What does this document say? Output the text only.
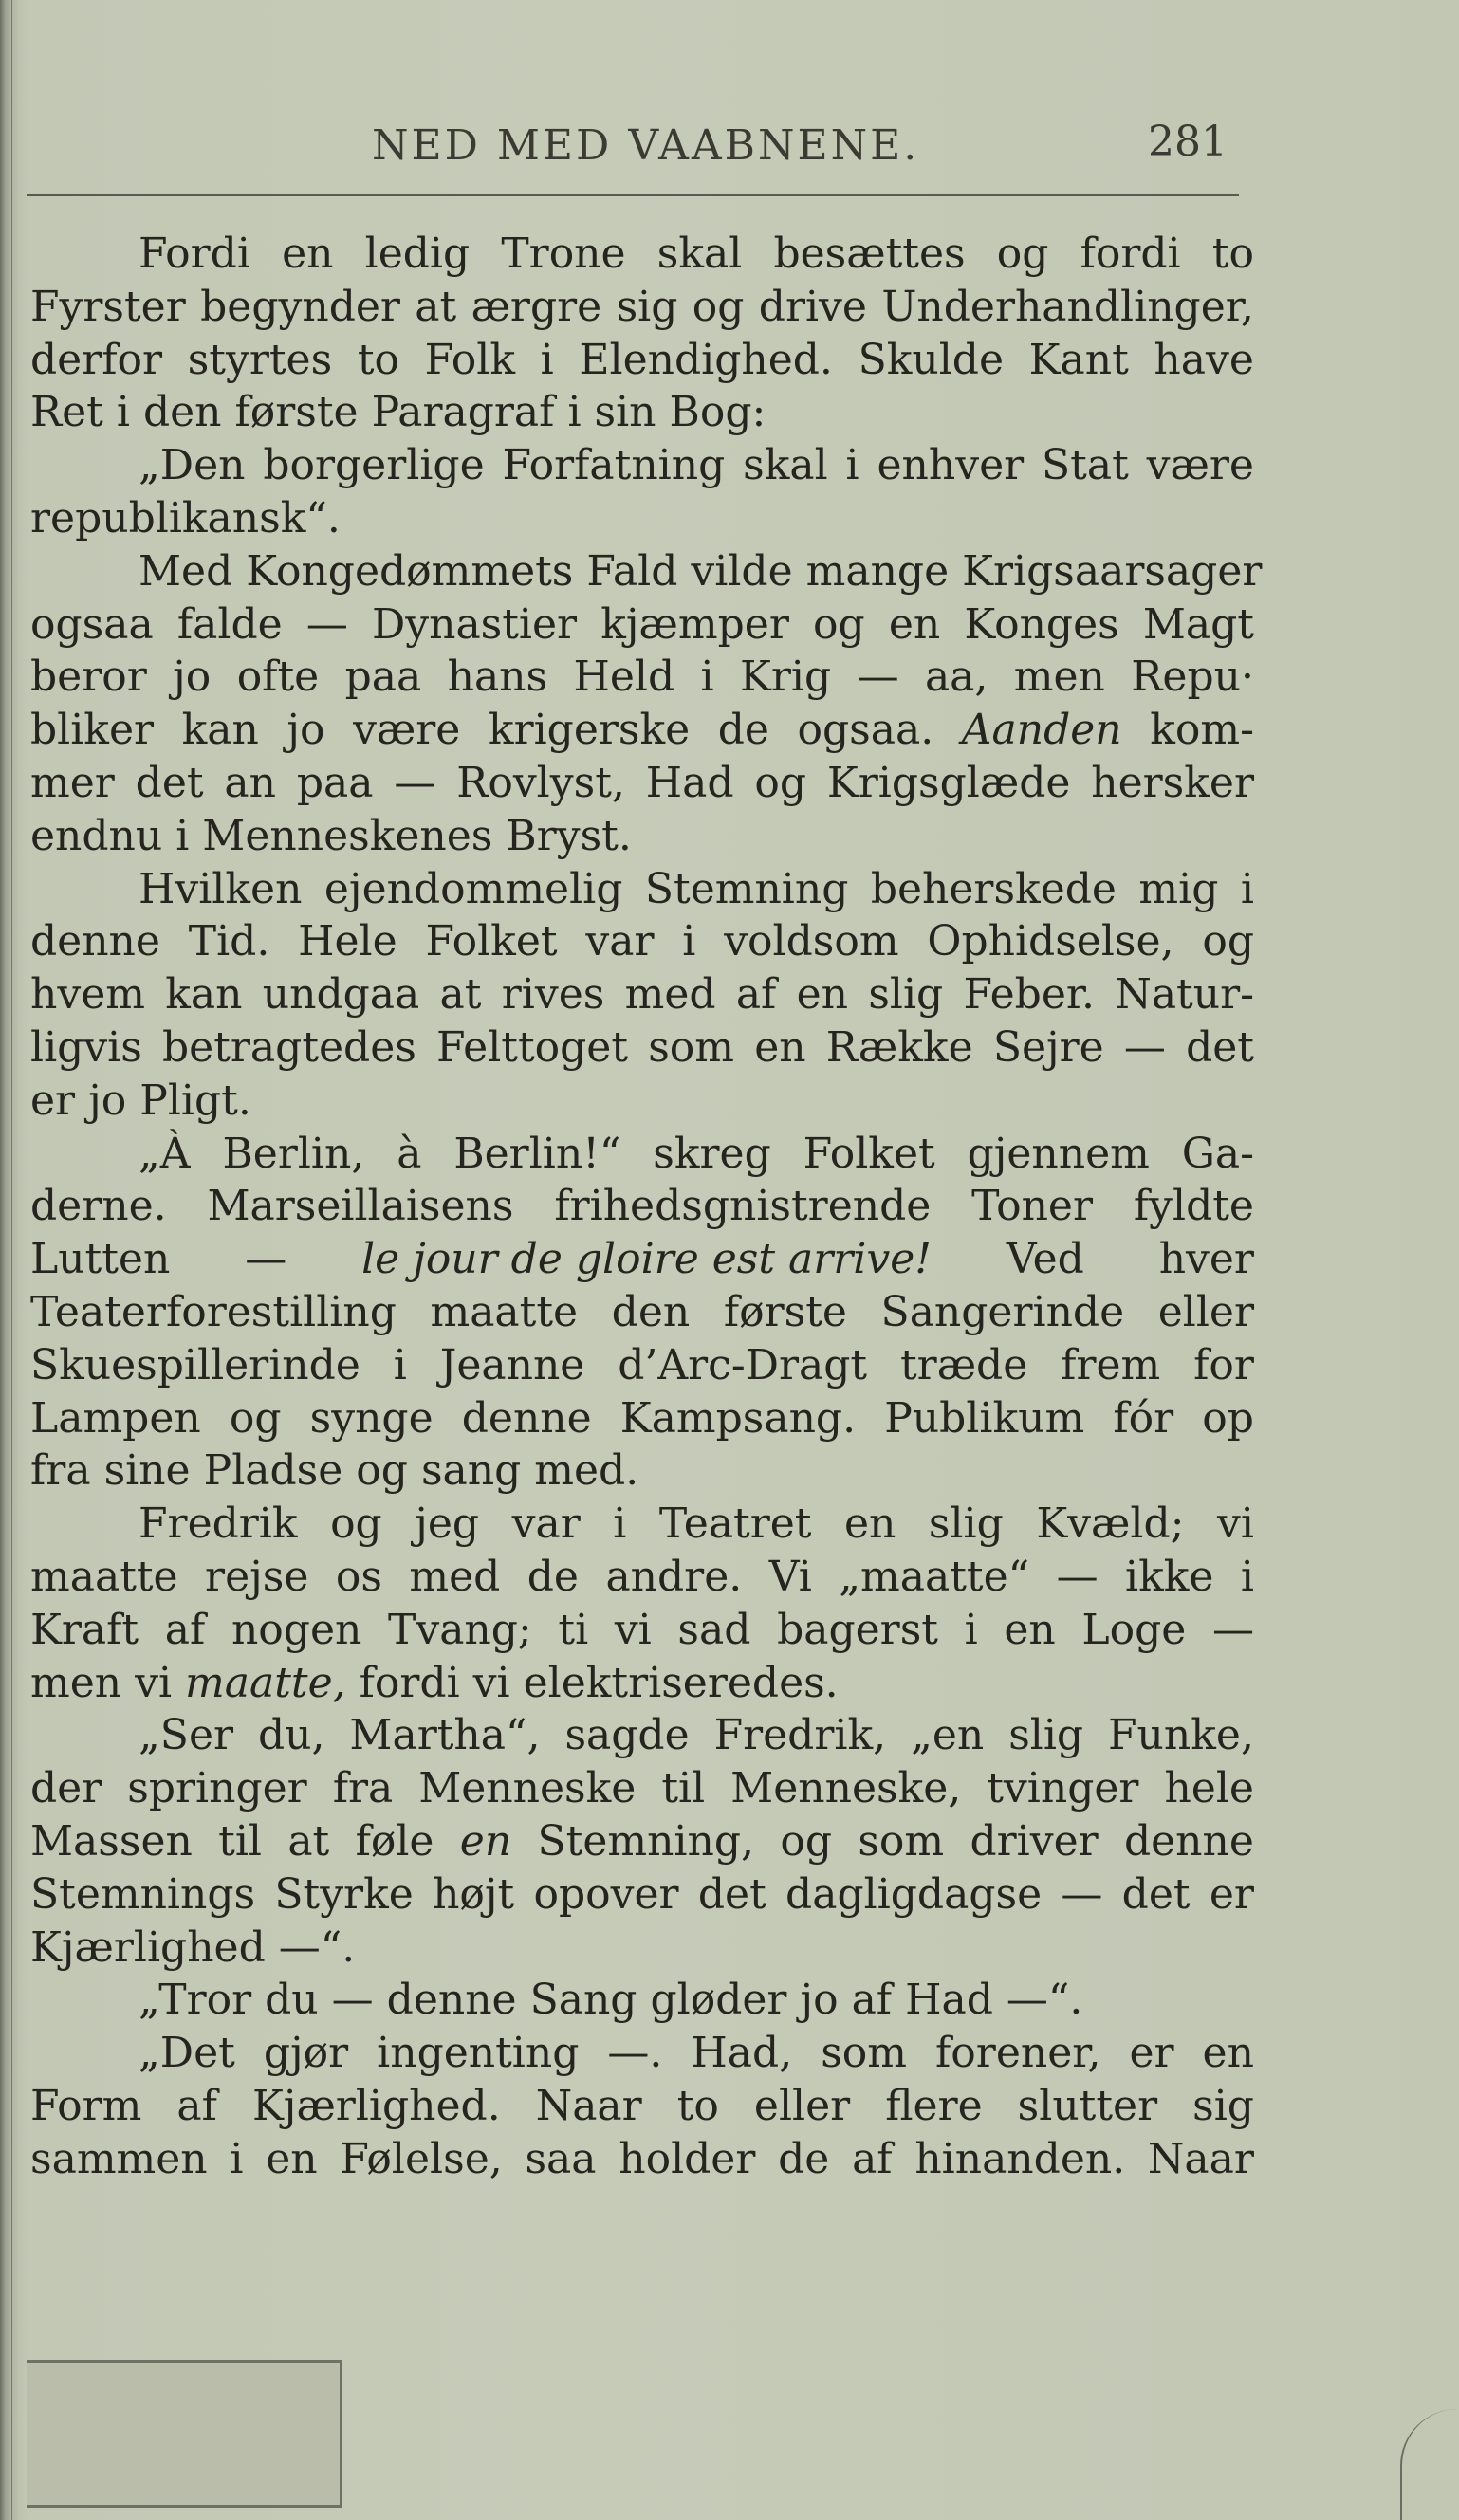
NED MED VAABNENE.	281
Fordi en ledig Trone skal besættes og fordi to
Fyrster begynder at ærgre sig og drive Underhandlinger,
derfor styrtes to Folk i Elendighed. Skulde Kant have
Ret i den første Paragraf i sin Bog:
„Den borgerlige Forfatning skal i enhver Stat være
republikansk“.
Med Kongedømmets Fald vilde mange Krigsaarsager
ogsaa falde — Dynastier kjæmper og en Konges Magt
beror jo ofte paa hans Held i Krig — aa, men Repu·
bliker kan jo være krigerske de ogsaa. Aanden kom-
mer det an paa — Rovlyst, Had og Krigsglæde hersker
endnu i Menneskenes Bryst.
Hvilken ejendommelig Stemning beherskede mig i
denne Tid. Hele Folket var i voldsom Ophidselse, og
hvem kan undgaa at rives med af en slig Feber. Natur-
ligvis betragtedes Felttoget som en Række Sejre — det
er jo Pligt.
„À Berlin, à Berlin!“ skreg Folket gjennem Ga-
derne. Marseillaisens frihedsgnistrende Toner fyldte
Lutten — le jour de gloire est arrive! Ved hver
Teaterforestilling maatte den første Sangerinde eller
Skuespillerinde i Jeanne d’Arc-Dragt træde frem for
Lampen og synge denne Kampsang. Publikum fór op
fra sine Pladse og sang med.
Fredrik og jeg var i Teatret en slig Kvæld; vi
maatte rejse os med de andre. Vi „maatte“ — ikke i
Kraft af nogen Tvang; ti vi sad bagerst i en Loge —
men vi maatte, fordi vi elektriseredes.
„Ser du, Martha“, sagde Fredrik, „en slig Funke,
der springer fra Menneske til Menneske, tvinger hele
Massen til at føle en Stemning, og som driver denne
Stemnings Styrke højt opover det dagligdagse — det er
Kjærlighed —“.
„Tror du — denne Sang gløder jo af Had —“.
„Det gjør ingenting —. Had, som forener, er en
Form af Kjærlighed. Naar to eller flere slutter sig
sammen i en Følelse, saa holder de af hinanden. Naar
